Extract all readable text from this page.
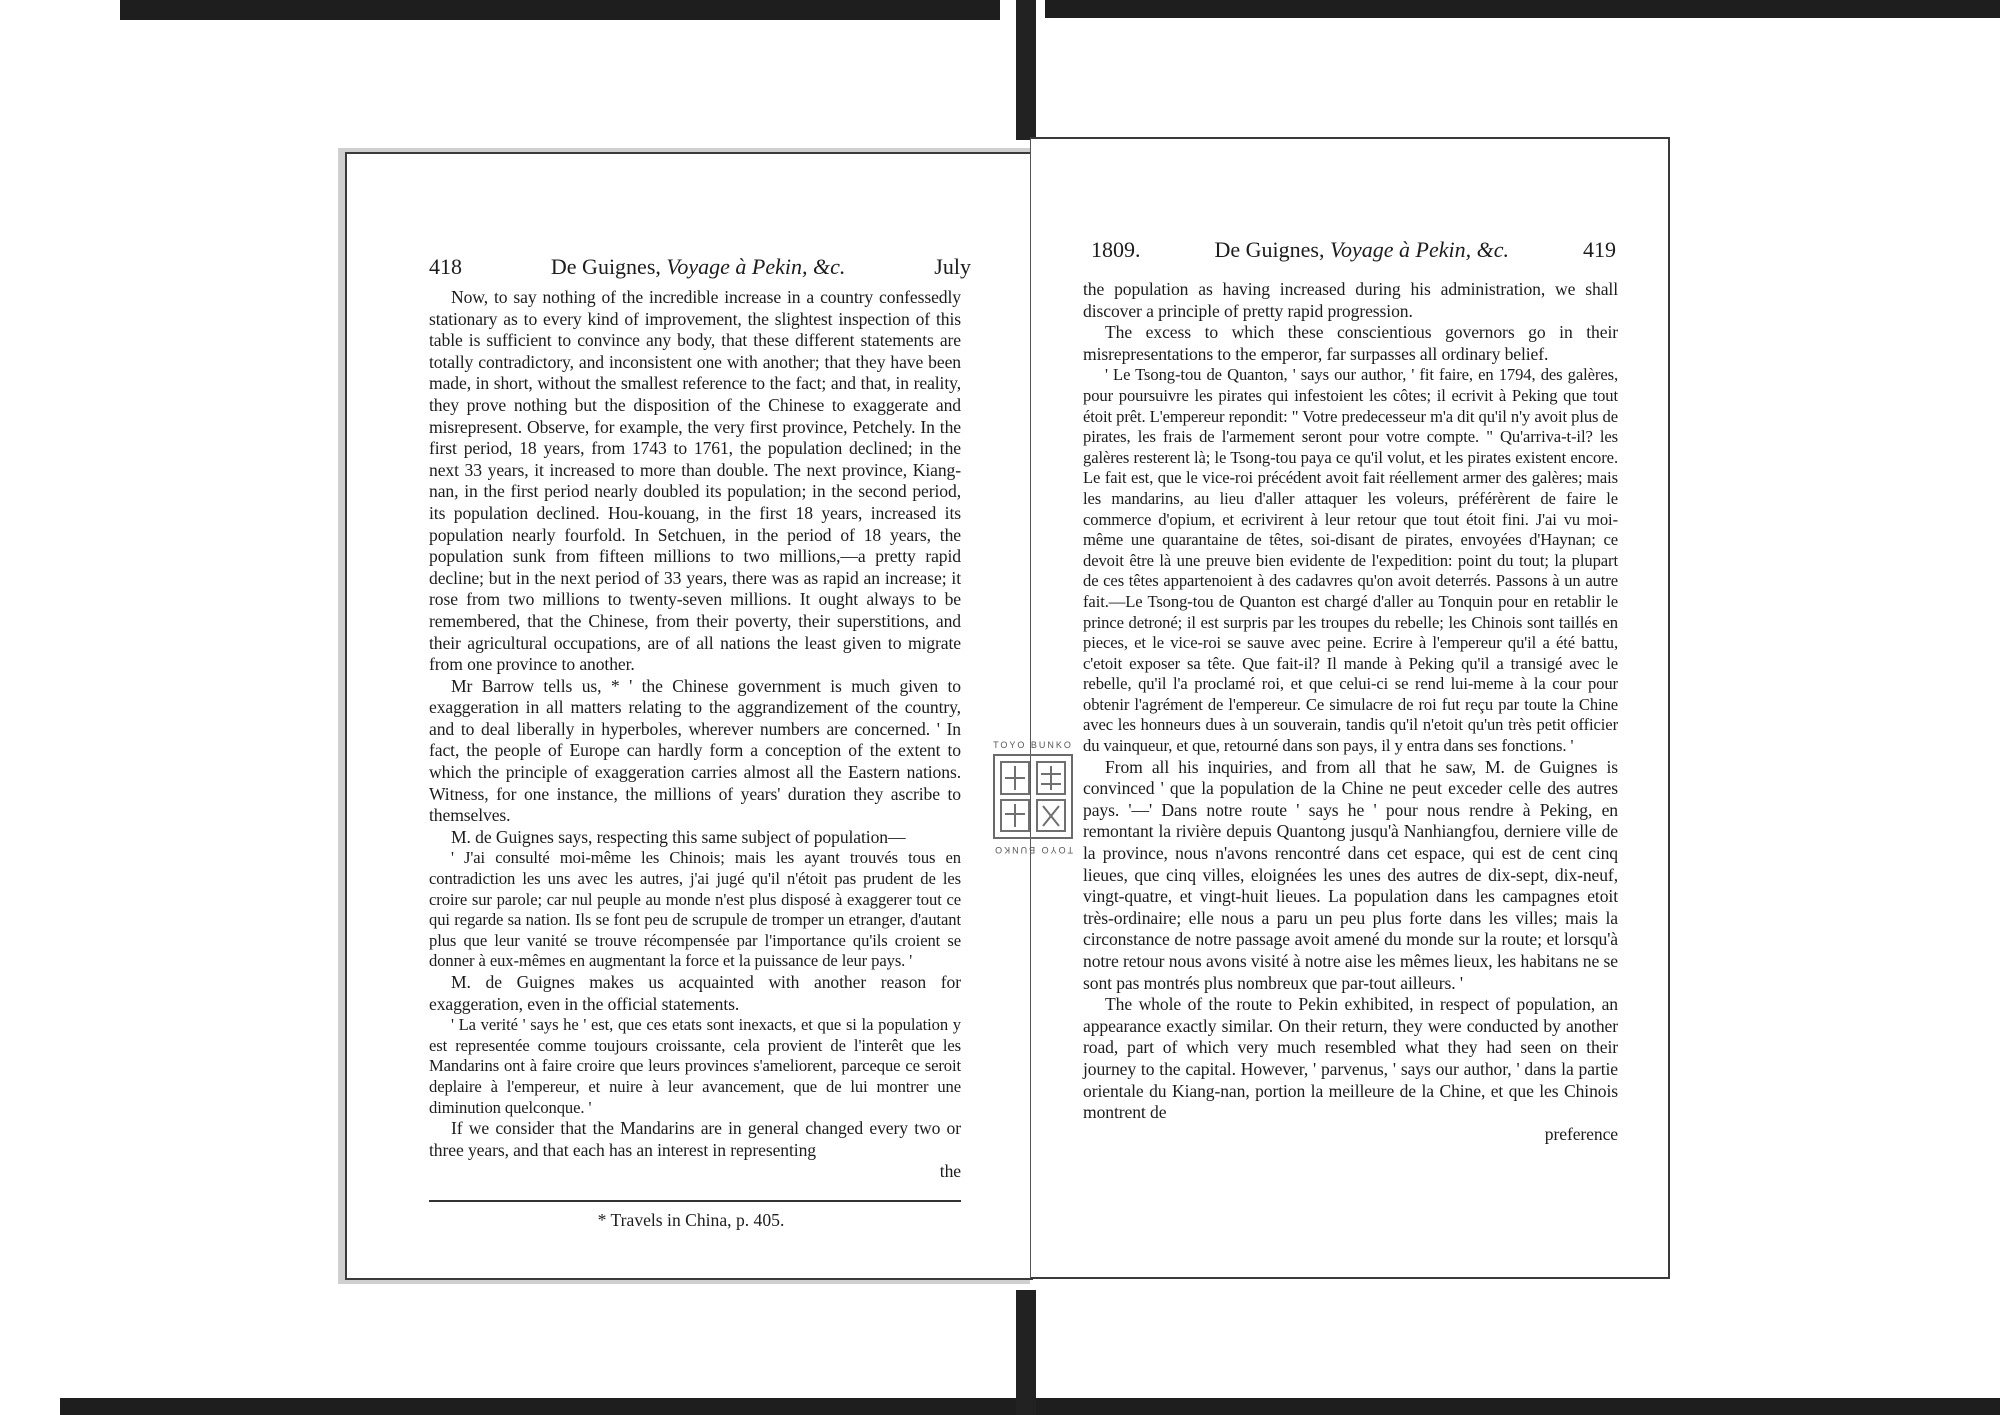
418	De Guignes, Voyage à Pekin, &c.	July

Now, to say nothing of the incredible increase in a country confessedly stationary as to every kind of improvement, the slightest inspection of this table is sufficient to convince any body, that these different statements are totally contradictory, and inconsistent one with another; that they have been made, in short, without the smallest reference to the fact; and that, in reality, they prove nothing but the disposition of the Chinese to exaggerate and misrepresent. Observe, for example, the very first province, Petchely. In the first period, 18 years, from 1743 to 1761, the population declined; in the next 33 years, it increased to more than double. The next province, Kiang-nan, in the first period nearly doubled its population; in the second period, its population declined. Hou-kouang, in the first 18 years, increased its population nearly fourfold. In Setchuen, in the period of 18 years, the population sunk from fifteen millions to two millions,—a pretty rapid decline; but in the next period of 33 years, there was as rapid an increase; it rose from two millions to twenty-seven millions. It ought always to be remembered, that the Chinese, from their poverty, their superstitions, and their agricultural occupations, are of all nations the least given to migrate from one province to another.

Mr Barrow tells us, * ' the Chinese government is much given to exaggeration in all matters relating to the aggrandizement of the country, and to deal liberally in hyperboles, wherever numbers are concerned. ' In fact, the people of Europe can hardly form a conception of the extent to which the principle of exaggeration carries almost all the Eastern nations. Witness, for one instance, the millions of years' duration they ascribe to themselves.

M. de Guignes says, respecting this same subject of population—

' J'ai consulté moi-même les Chinois; mais les ayant trouvés tous en contradiction les uns avec les autres, j'ai jugé qu'il n'étoit pas prudent de les croire sur parole; car nul peuple au monde n'est plus disposé à exaggerer tout ce qui regarde sa nation. Ils se font peu de scrupule de tromper un etranger, d'autant plus que leur vanité se trouve récompensée par l'importance qu'ils croient se donner à eux-mêmes en augmentant la force et la puissance de leur pays. '

M. de Guignes makes us acquainted with another reason for exaggeration, even in the official statements.

' La verité ' says he ' est, que ces etats sont inexacts, et que si la population y est representée comme toujours croissante, cela provient de l'interêt que les Mandarins ont à faire croire que leurs provinces s'ameliorent, parceque ce seroit deplaire à l'empereur, et nuire à leur avancement, que de lui montrer une diminution quelconque. '

If we consider that the Mandarins are in general changed every two or three years, and that each has an interest in representing

the

* Travels in China, p. 405.
1809.	De Guignes, Voyage à Pekin, &c.	419

the population as having increased during his administration, we shall discover a principle of pretty rapid progression.

The excess to which these conscientious governors go in their misrepresentations to the emperor, far surpasses all ordinary belief.

' Le Tsong-tou de Quanton, ' says our author, ' fit faire, en 1794, des galères, pour poursuivre les pirates qui infestoient les côtes; il ecrivit à Peking que tout étoit prêt. L'empereur repondit: " Votre predecesseur m'a dit qu'il n'y avoit plus de pirates, les frais de l'armement seront pour votre compte. " Qu'arriva-t-il? les galères resterent là; le Tsong-tou paya ce qu'il volut, et les pirates existent encore. Le fait est, que le vice-roi précédent avoit fait réellement armer des galères; mais les mandarins, au lieu d'aller attaquer les voleurs, préférèrent de faire le commerce d'opium, et ecrivirent à leur retour que tout étoit fini. J'ai vu moi-même une quarantaine de têtes, soi-disant de pirates, envoyées d'Haynan; ce devoit être là une preuve bien evidente de l'expedition: point du tout; la plupart de ces têtes appartenoient à des cadavres qu'on avoit deterrés. Passons à un autre fait.—Le Tsong-tou de Quanton est chargé d'aller au Tonquin pour en retablir le prince detroné; il est surpris par les troupes du rebelle; les Chinois sont taillés en pieces, et le vice-roi se sauve avec peine. Ecrire à l'empereur qu'il a été battu, c'etoit exposer sa tête. Que fait-il? Il mande à Peking qu'il a transigé avec le rebelle, qu'il l'a proclamé roi, et que celui-ci se rend lui-meme à la cour pour obtenir l'agrément de l'empereur. Ce simulacre de roi fut reçu par toute la Chine avec les honneurs dues à un souverain, tandis qu'il n'etoit qu'un très petit officier du vainqueur, et que, retourné dans son pays, il y entra dans ses fonctions. '

From all his inquiries, and from all that he saw, M. de Guignes is convinced ' que la population de la Chine ne peut exceder celle des autres pays. '—' Dans notre route ' says he ' pour nous rendre à Peking, en remontant la rivière depuis Quantong jusqu'à Nanhiangfou, derniere ville de la province, nous n'avons rencontré dans cet espace, qui est de cent cinq lieues, que cinq villes, eloignées les unes des autres de dix-sept, dix-neuf, vingt-quatre, et vingt-huit lieues. La population dans les campagnes etoit très-ordinaire; elle nous a paru un peu plus forte dans les villes; mais la circonstance de notre passage avoit amené du monde sur la route; et lorsqu'à notre retour nous avons visité à notre aise les mêmes lieux, les habitans ne se sont pas montrés plus nombreux que par-tout ailleurs. '

The whole of the route to Pekin exhibited, in respect of population, an appearance exactly similar. On their return, they were conducted by another road, part of which very much resembled what they had seen on their journey to the capital. However, ' parvenus, ' says our author, ' dans la partie orientale du Kiang-nan, portion la meilleure de la Chine, et que les Chinois montrent de

preference

TOYO BUNKO
TOYO BUNKO
